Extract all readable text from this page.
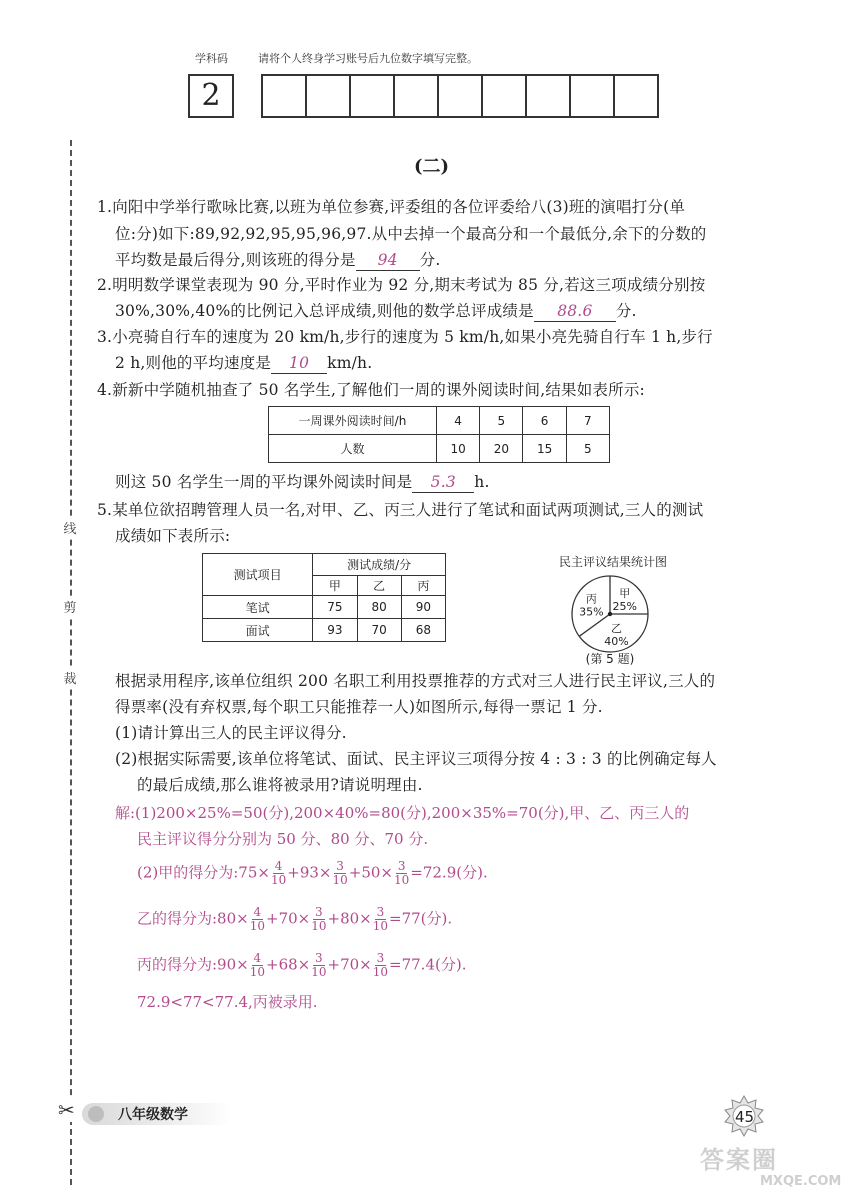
学科码	请将个人终身学习账号后九位数字填写完整。
2
线
剪
裁
✂
(二)
1.向阳中学举行歌咏比赛,以班为单位参赛,评委组的各位评委给八(3)班的演唱打分(单
位:分)如下:89,92,92,95,95,96,97.从中去掉一个最高分和一个最低分,余下的分数的
平均数是最后得分,则该班的得分是 94 分.
2.明明数学课堂表现为 90 分,平时作业为 92 分,期末考试为 85 分,若这三项成绩分别按
30%,30%,40%的比例记入总评成绩,则他的数学总评成绩是 88.6 分.
3.小亮骑自行车的速度为 20 km/h,步行的速度为 5 km/h,如果小亮先骑自行车 1 h,步行
2 h,则他的平均速度是 10 km/h.
4.新新中学随机抽查了 50 名学生,了解他们一周的课外阅读时间,结果如表所示:
一周课外阅读时间/h	4	5	6	7
人数	10	20	15	5
则这 50 名学生一周的平均课外阅读时间是 5.3 h.
5.某单位欲招聘管理人员一名,对甲、乙、丙三人进行了笔试和面试两项测试,三人的测试
成绩如下表所示:
测试项目	测试成绩/分		
	甲	乙	丙
笔试	75	80	90
面试	93	70	68
民主评议结果统计图
甲
25%
乙
40%
丙
35%
(第 5 题)
根据录用程序,该单位组织 200 名职工利用投票推荐的方式对三人进行民主评议,三人的
得票率(没有弃权票,每个职工只能推荐一人)如图所示,每得一票记 1 分.
(1)请计算出三人的民主评议得分.
(2)根据实际需要,该单位将笔试、面试、民主评议三项得分按 4 : 3 : 3 的比例确定每人
的最后成绩,那么谁将被录用?请说明理由.
解:(1)200×25%=50(分),200×40%=80(分),200×35%=70(分),甲、乙、丙三人的
民主评议得分分别为 50 分、80 分、70 分.
(2)甲的得分为:75× $\frac{4}{10} +93\times \frac{3}{10} +50\times \frac{3}{10} =72.9$(分).
乙的得分为:80× $\frac{4}{10} +70\times \frac{3}{10} +80\times \frac{3}{10} =77$(分).
丙的得分为:90× $\frac{4}{10} +68\times \frac{3}{10} +70\times \frac{3}{10} =77.4$(分).
72.9<77<77.4,丙被录用.
八年级数学	45
答案圈
MXQE.COM
